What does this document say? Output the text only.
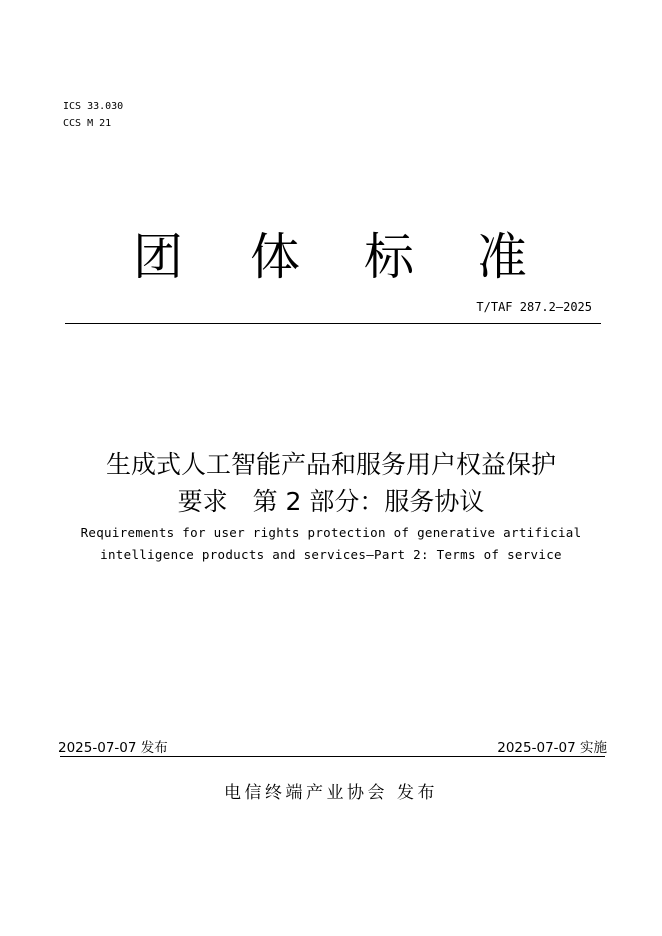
ICS 33.030
CCS M 21
团 体 标 准
T/TAF 287.2—2025
生成式人工智能产品和服务用户权益保护
要求　第 2 部分：服务协议
Requirements for user rights protection of generative artificial
intelligence products and services—Part 2: Terms of service
2025-07-07 发布	2025-07-07 实施
电信终端产业协会 发布
